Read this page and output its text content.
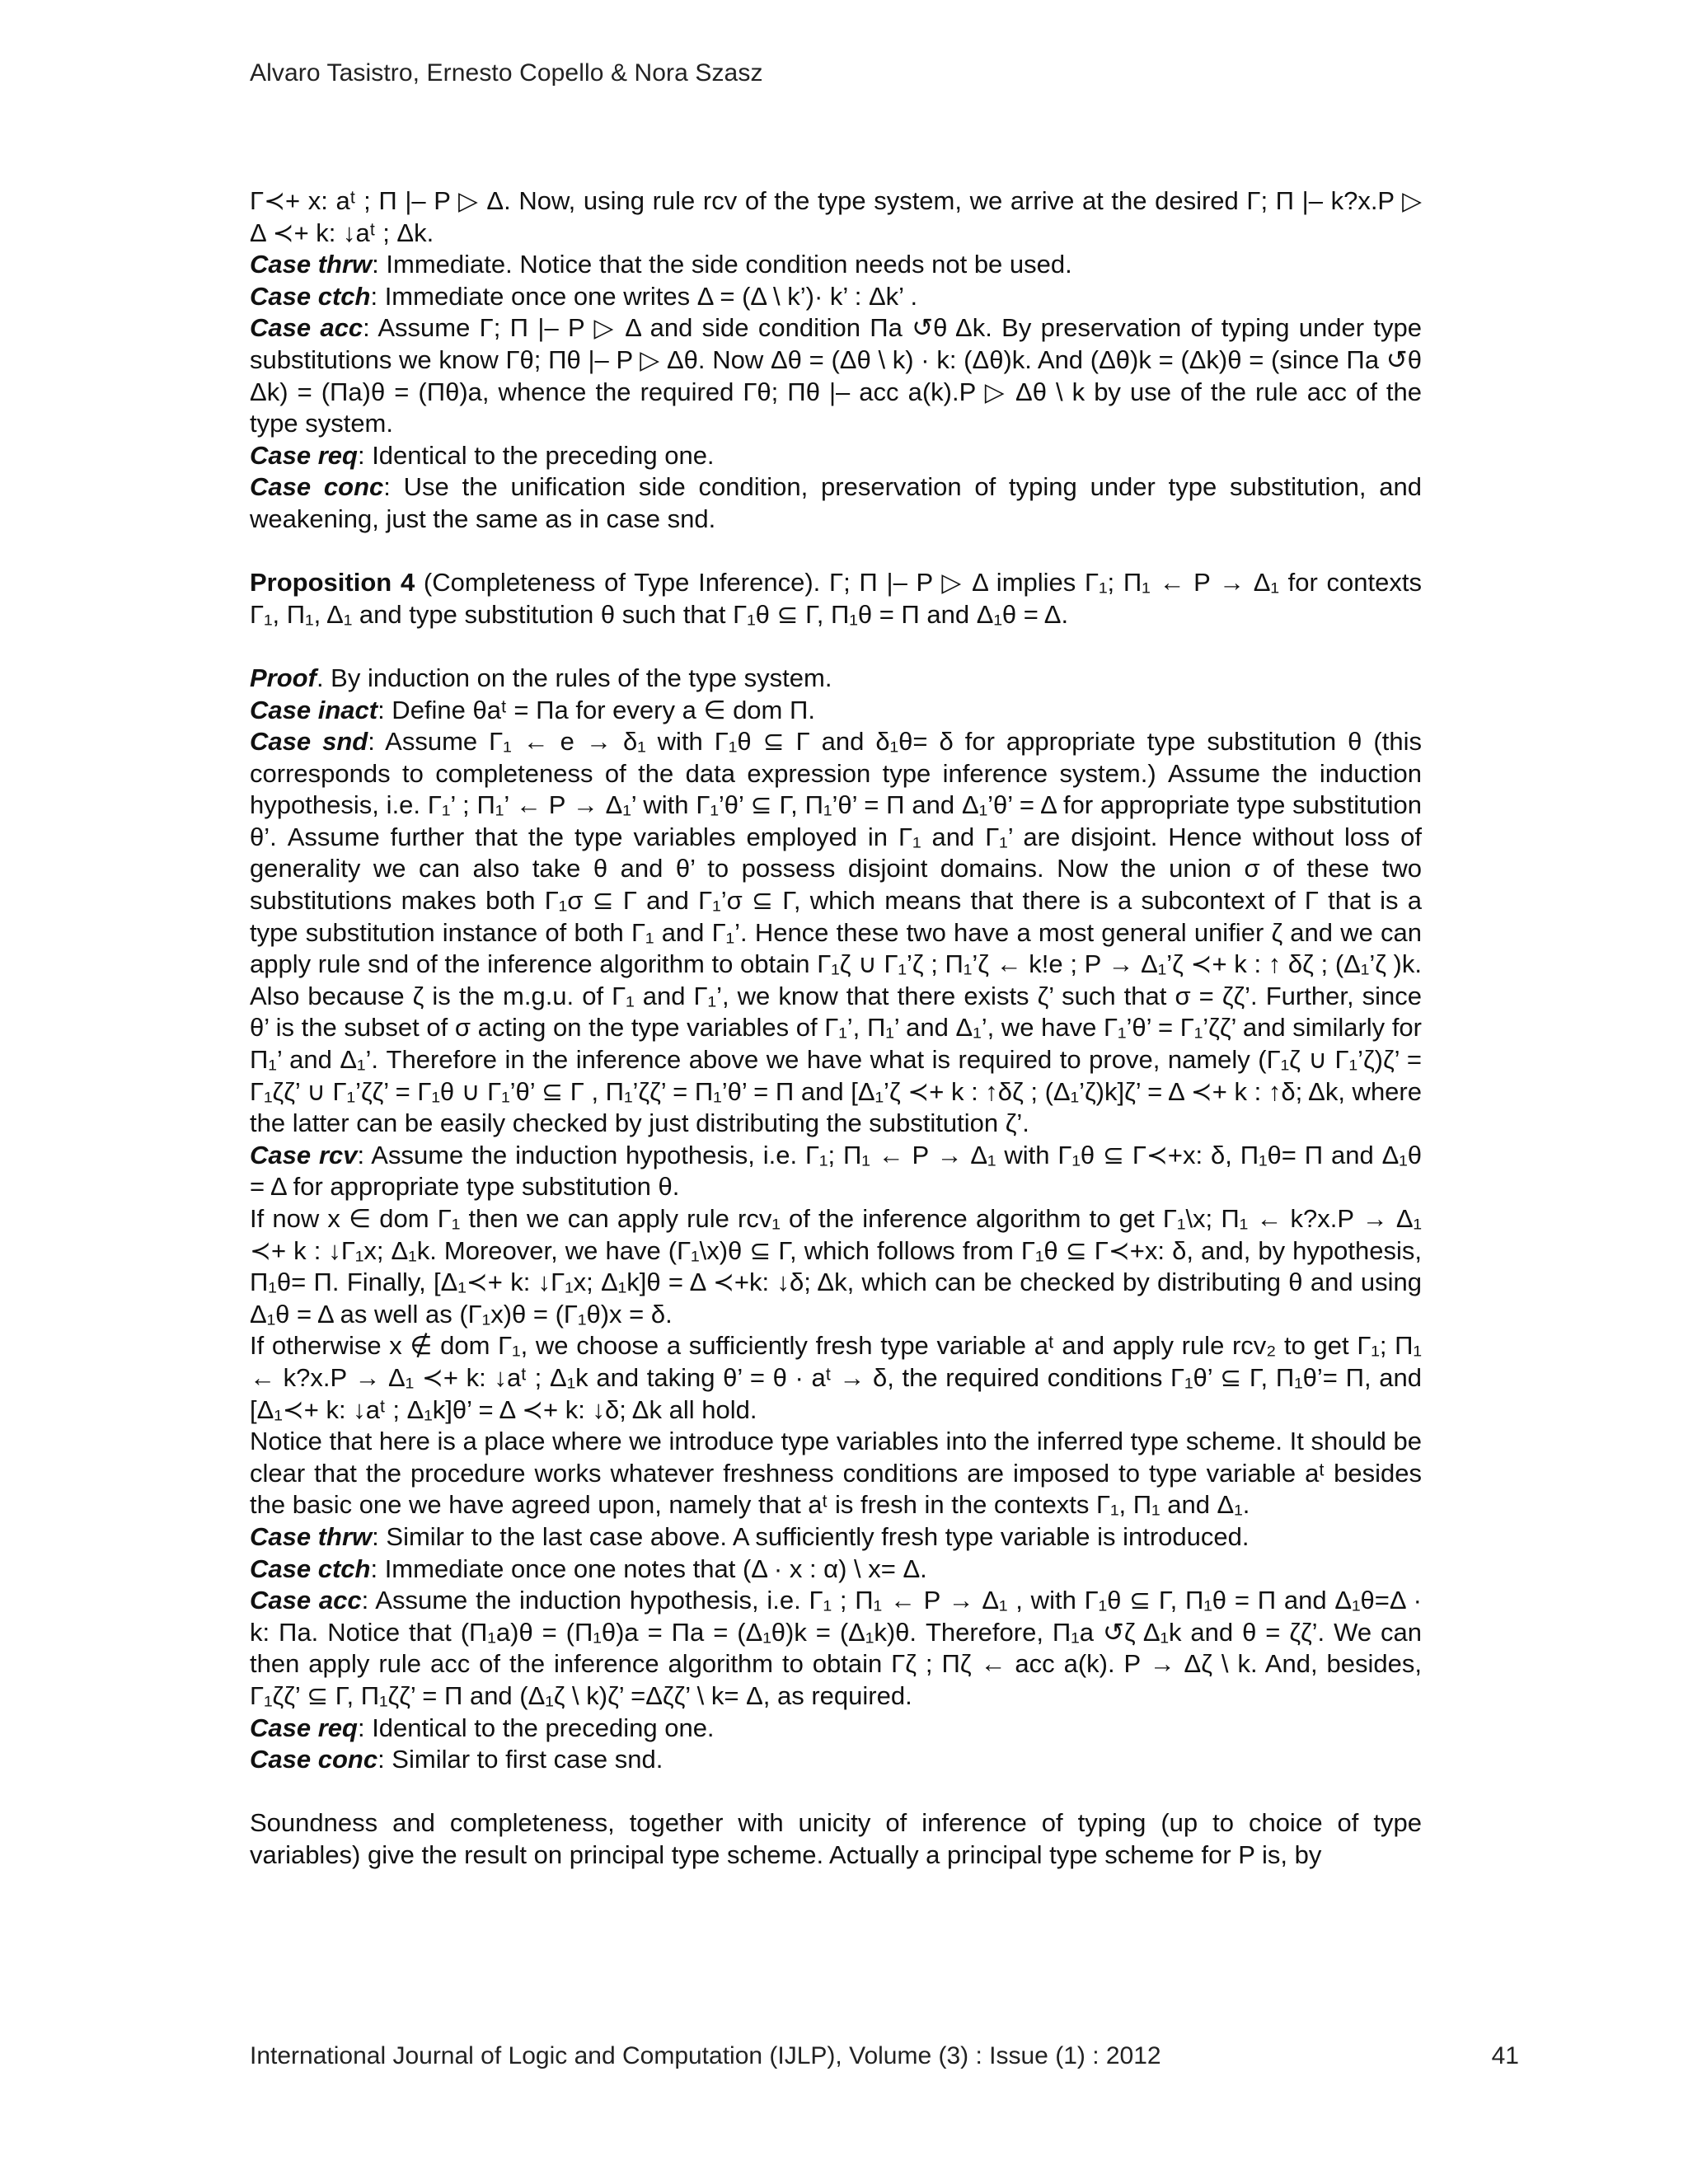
Alvaro Tasistro, Ernesto Copello & Nora Szasz

Γ≺+ x: aᵗ ; Π |– P ▷ Δ. Now, using rule rcv of the type system, we arrive at the desired Γ; Π |– k?x.P ▷ Δ ≺+ k: ↓aᵗ ; Δk.

Case thrw: Immediate. Notice that the side condition needs not be used.

Case ctch: Immediate once one writes Δ = (Δ \ k’)· k’ : Δk’ .

Case acc: Assume Γ; Π |– P ▷ Δ and side condition Πa ↺θ Δk. By preservation of typing under type substitutions we know Γθ; Πθ |– P ▷ Δθ. Now Δθ = (Δθ \ k) · k: (Δθ)k. And (Δθ)k = (Δk)θ = (since Πa ↺θ Δk) = (Πa)θ = (Πθ)a, whence the required Γθ; Πθ |– acc a(k).P ▷ Δθ \ k by use of the rule acc of the type system.

Case req: Identical to the preceding one.

Case conc: Use the unification side condition, preservation of typing under type substitution, and weakening, just the same as in case snd.

Proposition 4 (Completeness of Type Inference). Γ; Π |– P ▷ Δ implies Γ₁; Π₁ ← P → Δ₁ for contexts Γ₁, Π₁, Δ₁ and type substitution θ such that Γ₁θ ⊆ Γ, Π₁θ = Π and Δ₁θ = Δ.

Proof. By induction on the rules of the type system.

Case inact: Define θaᵗ = Πa for every a ∈ dom Π.

Case snd: Assume Γ₁ ← e → δ₁ with Γ₁θ ⊆ Γ and δ₁θ= δ for appropriate type substitution θ (this corresponds to completeness of the data expression type inference system.) Assume the induction hypothesis, i.e. Γ₁’ ; Π₁’ ← P → Δ₁’ with Γ₁’θ’ ⊆ Γ, Π₁’θ’ = Π and Δ₁’θ’ = Δ for appropriate type substitution θ’. Assume further that the type variables employed in Γ₁ and Γ₁’ are disjoint. Hence without loss of generality we can also take θ and θ’ to possess disjoint domains. Now the union σ of these two substitutions makes both Γ₁σ ⊆ Γ and Γ₁’σ ⊆ Γ, which means that there is a subcontext of Γ that is a type substitution instance of both Γ₁ and Γ₁’. Hence these two have a most general unifier ζ and we can apply rule snd of the inference algorithm to obtain Γ₁ζ ∪ Γ₁’ζ ; Π₁’ζ ← k!e ; P → Δ₁’ζ ≺+ k : ↑ δζ ; (Δ₁’ζ )k. Also because ζ is the m.g.u. of Γ₁ and Γ₁’, we know that there exists ζ’ such that σ = ζζ’. Further, since θ’ is the subset of σ acting on the type variables of Γ₁’, Π₁’ and Δ₁’, we have Γ₁’θ’ = Γ₁’ζζ’ and similarly for Π₁’ and Δ₁’. Therefore in the inference above we have what is required to prove, namely (Γ₁ζ ∪ Γ₁’ζ)ζ’ = Γ₁ζζ’ ∪ Γ₁’ζζ’ = Γ₁θ ∪ Γ₁’θ’ ⊆ Γ , Π₁’ζζ’ = Π₁’θ’ = Π and [Δ₁’ζ ≺+ k : ↑δζ ; (Δ₁’ζ)k]ζ’ = Δ ≺+ k : ↑δ; Δk, where the latter can be easily checked by just distributing the substitution ζ’.

Case rcv: Assume the induction hypothesis, i.e. Γ₁; Π₁ ← P → Δ₁ with Γ₁θ ⊆ Γ≺+x: δ, Π₁θ= Π and Δ₁θ = Δ for appropriate type substitution θ.

If now x ∈ dom Γ₁ then we can apply rule rcv₁ of the inference algorithm to get Γ₁\x; Π₁ ← k?x.P → Δ₁ ≺+ k : ↓Γ₁x; Δ₁k. Moreover, we have (Γ₁\x)θ ⊆ Γ, which follows from Γ₁θ ⊆ Γ≺+x: δ, and, by hypothesis, Π₁θ= Π. Finally, [Δ₁≺+ k: ↓Γ₁x; Δ₁k]θ = Δ ≺+k: ↓δ; Δk, which can be checked by distributing θ and using Δ₁θ = Δ as well as (Γ₁x)θ = (Γ₁θ)x = δ.

If otherwise x ∉ dom Γ₁, we choose a sufficiently fresh type variable aᵗ and apply rule rcv₂ to get Γ₁; Π₁ ← k?x.P → Δ₁ ≺+ k: ↓aᵗ ; Δ₁k and taking θ’ = θ · aᵗ → δ, the required conditions Γ₁θ’ ⊆ Γ, Π₁θ’= Π, and [Δ₁≺+ k: ↓aᵗ ; Δ₁k]θ’ = Δ ≺+ k: ↓δ; Δk all hold.

Notice that here is a place where we introduce type variables into the inferred type scheme. It should be clear that the procedure works whatever freshness conditions are imposed to type variable aᵗ besides the basic one we have agreed upon, namely that aᵗ is fresh in the contexts Γ₁, Π₁ and Δ₁.

Case thrw: Similar to the last case above. A sufficiently fresh type variable is introduced.

Case ctch: Immediate once one notes that (Δ · x : α) \ x= Δ.

Case acc: Assume the induction hypothesis, i.e. Γ₁ ; Π₁ ← P → Δ₁ , with Γ₁θ ⊆ Γ, Π₁θ = Π and Δ₁θ=Δ · k: Πa. Notice that (Π₁a)θ = (Π₁θ)a = Πa = (Δ₁θ)k = (Δ₁k)θ. Therefore, Π₁a ↺ζ Δ₁k and θ = ζζ’. We can then apply rule acc of the inference algorithm to obtain Γζ ; Πζ ← acc a(k). P → Δζ \ k. And, besides, Γ₁ζζ’ ⊆ Γ, Π₁ζζ’ = Π and (Δ₁ζ \ k)ζ’ =Δζζ’ \ k= Δ, as required.

Case req: Identical to the preceding one.

Case conc: Similar to first case snd.

Soundness and completeness, together with unicity of inference of typing (up to choice of type variables) give the result on principal type scheme. Actually a principal type scheme for P is, by

International Journal of Logic and Computation (IJLP), Volume (3) : Issue (1) : 2012	41
